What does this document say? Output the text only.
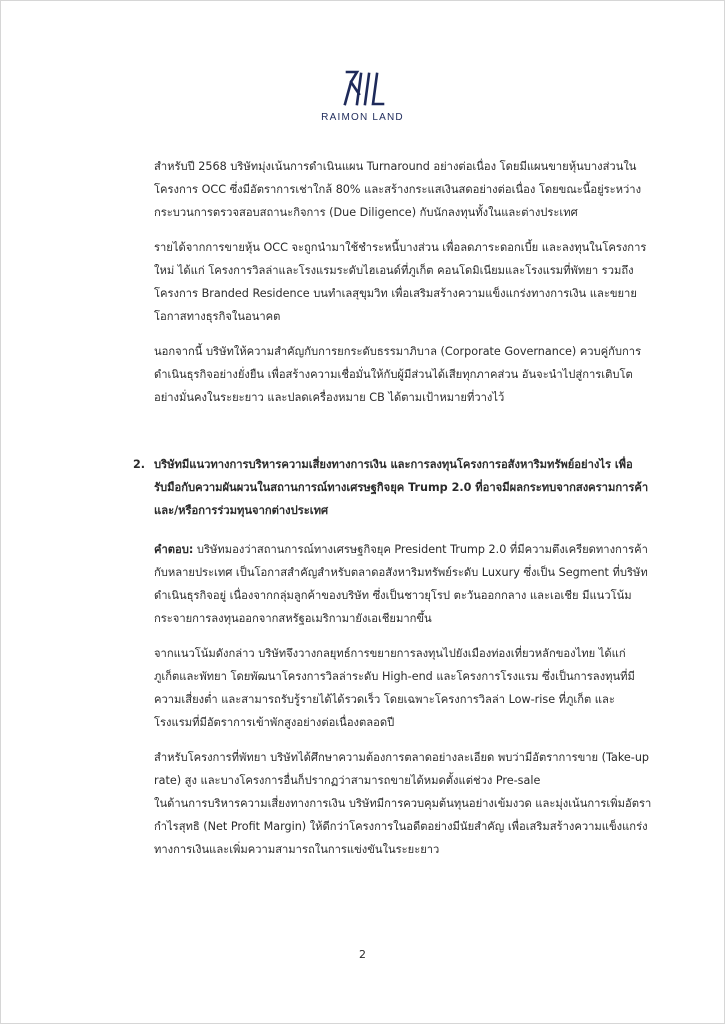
RAIMON LAND

สำหรับปี 2568 บริษัทมุ่งเน้นการดำเนินแผน Turnaround อย่างต่อเนื่อง โดยมีแผนขายหุ้นบางส่วนในโครงการ OCC ซึ่งมีอัตราการเช่าใกล้ 80% และสร้างกระแสเงินสดอย่างต่อเนื่อง โดยขณะนี้อยู่ระหว่างกระบวนการตรวจสอบสถานะกิจการ (Due Diligence) กับนักลงทุนทั้งในและต่างประเทศ

รายได้จากการขายหุ้น OCC จะถูกนำมาใช้ชำระหนี้บางส่วน เพื่อลดภาระดอกเบี้ย และลงทุนในโครงการใหม่ ได้แก่ โครงการวิลล่าและโรงแรมระดับไฮเอนด์ที่ภูเก็ต คอนโดมิเนียมและโรงแรมที่พัทยา รวมถึงโครงการ Branded Residence บนทำเลสุขุมวิท เพื่อเสริมสร้างความแข็งแกร่งทางการเงิน และขยายโอกาสทางธุรกิจในอนาคต

นอกจากนี้ บริษัทให้ความสำคัญกับการยกระดับธรรมาภิบาล (Corporate Governance) ควบคู่กับการดำเนินธุรกิจอย่างยั่งยืน เพื่อสร้างความเชื่อมั่นให้กับผู้มีส่วนได้เสียทุกภาคส่วน อันจะนำไปสู่การเติบโตอย่างมั่นคงในระยะยาว และปลดเครื่องหมาย CB ได้ตามเป้าหมายที่วางไว้

2. บริษัทมีแนวทางการบริหารความเสี่ยงทางการเงิน และการลงทุนโครงการอสังหาริมทรัพย์อย่างไร เพื่อรับมือกับความผันผวนในสถานการณ์ทางเศรษฐกิจยุค Trump 2.0 ที่อาจมีผลกระทบจากสงครามการค้า และ/หรือการร่วมทุนจากต่างประเทศ

คำตอบ: บริษัทมองว่าสถานการณ์ทางเศรษฐกิจยุค President Trump 2.0 ที่มีความตึงเครียดทางการค้ากับหลายประเทศ เป็นโอกาสสำคัญสำหรับตลาดอสังหาริมทรัพย์ระดับ Luxury ซึ่งเป็น Segment ที่บริษัทดำเนินธุรกิจอยู่ เนื่องจากกลุ่มลูกค้าของบริษัท ซึ่งเป็นชาวยุโรป ตะวันออกกลาง และเอเชีย มีแนวโน้มกระจายการลงทุนออกจากสหรัฐอเมริกามายังเอเชียมากขึ้น

จากแนวโน้มดังกล่าว บริษัทจึงวางกลยุทธ์การขยายการลงทุนไปยังเมืองท่องเที่ยวหลักของไทย ได้แก่ ภูเก็ตและพัทยา โดยพัฒนาโครงการวิลล่าระดับ High-end และโครงการโรงแรม ซึ่งเป็นการลงทุนที่มีความเสี่ยงต่ำ และสามารถรับรู้รายได้ได้รวดเร็ว โดยเฉพาะโครงการวิลล่า Low-rise ที่ภูเก็ต และโรงแรมที่มีอัตราการเข้าพักสูงอย่างต่อเนื่องตลอดปี

สำหรับโครงการที่พัทยา บริษัทได้ศึกษาความต้องการตลาดอย่างละเอียด พบว่ามีอัตราการขาย (Take-up rate) สูง และบางโครงการอื่นก็ปรากฏว่าสามารถขายได้หมดตั้งแต่ช่วง Pre-sale

ในด้านการบริหารความเสี่ยงทางการเงิน บริษัทมีการควบคุมต้นทุนอย่างเข้มงวด และมุ่งเน้นการเพิ่มอัตรากำไรสุทธิ (Net Profit Margin) ให้ดีกว่าโครงการในอดีตอย่างมีนัยสำคัญ เพื่อเสริมสร้างความแข็งแกร่งทางการเงินและเพิ่มความสามารถในการแข่งขันในระยะยาว

2
